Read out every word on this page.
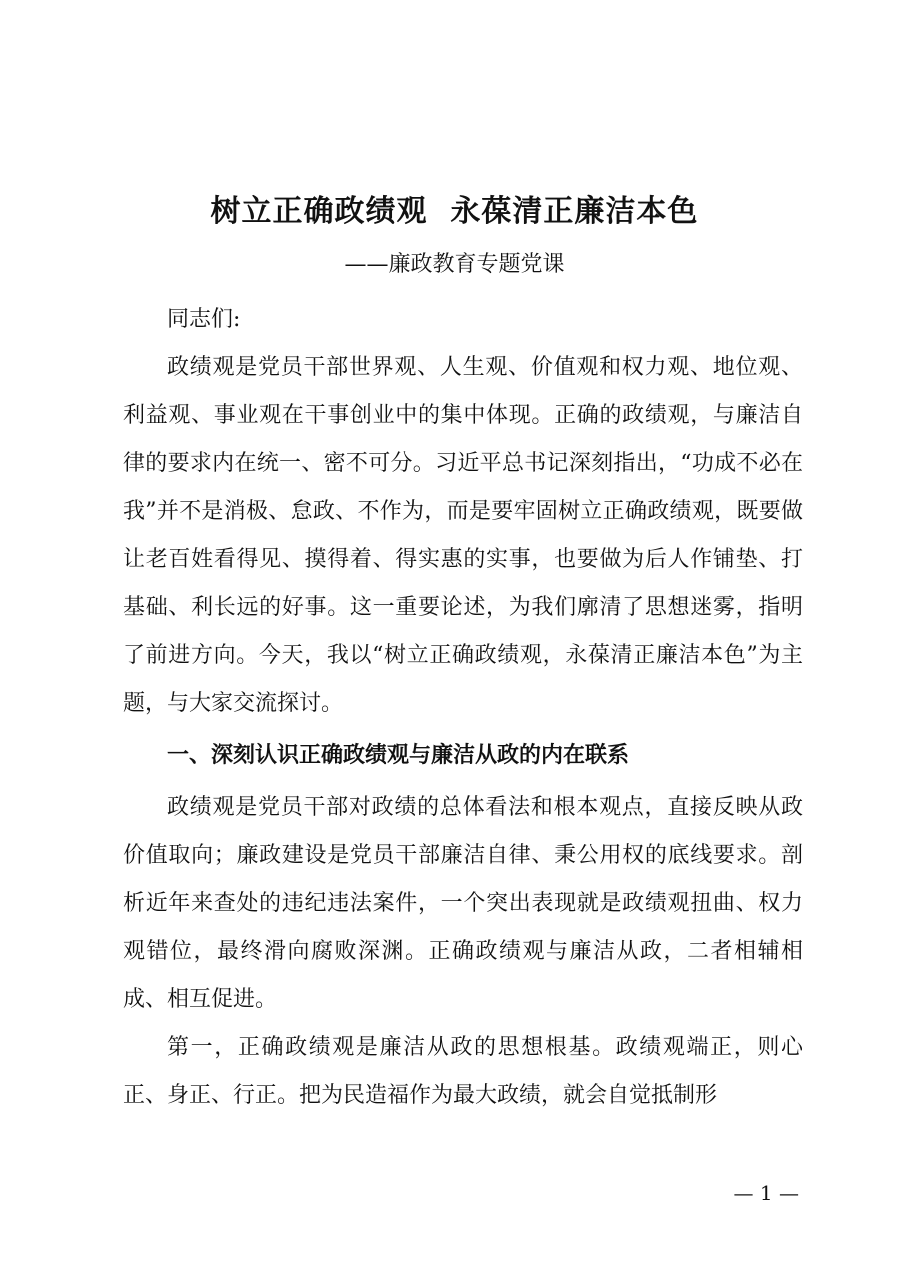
树立正确政绩观  永葆清正廉洁本色
——廉政教育专题党课

同志们:

政绩观是党员干部世界观、人生观、价值观和权力观、地位观、利益观、事业观在干事创业中的集中体现。正确的政绩观，与廉洁自律的要求内在统一、密不可分。习近平总书记深刻指出，“功成不必在我”并不是消极、怠政、不作为，而是要牢固树立正确政绩观，既要做让老百姓看得见、摸得着、得实惠的实事，也要做为后人作铺垫、打基础、利长远的好事。这一重要论述，为我们廓清了思想迷雾，指明了前进方向。今天，我以“树立正确政绩观，永葆清正廉洁本色”为主题，与大家交流探讨。

一、深刻认识正确政绩观与廉洁从政的内在联系

政绩观是党员干部对政绩的总体看法和根本观点，直接反映从政价值取向；廉政建设是党员干部廉洁自律、秉公用权的底线要求。剖析近年来查处的违纪违法案件，一个突出表现就是政绩观扭曲、权力观错位，最终滑向腐败深渊。正确政绩观与廉洁从政，二者相辅相成、相互促进。

第一，正确政绩观是廉洁从政的思想根基。政绩观端正，则心正、身正、行正。把为民造福作为最大政绩，就会自觉抵制形

— 1 —
